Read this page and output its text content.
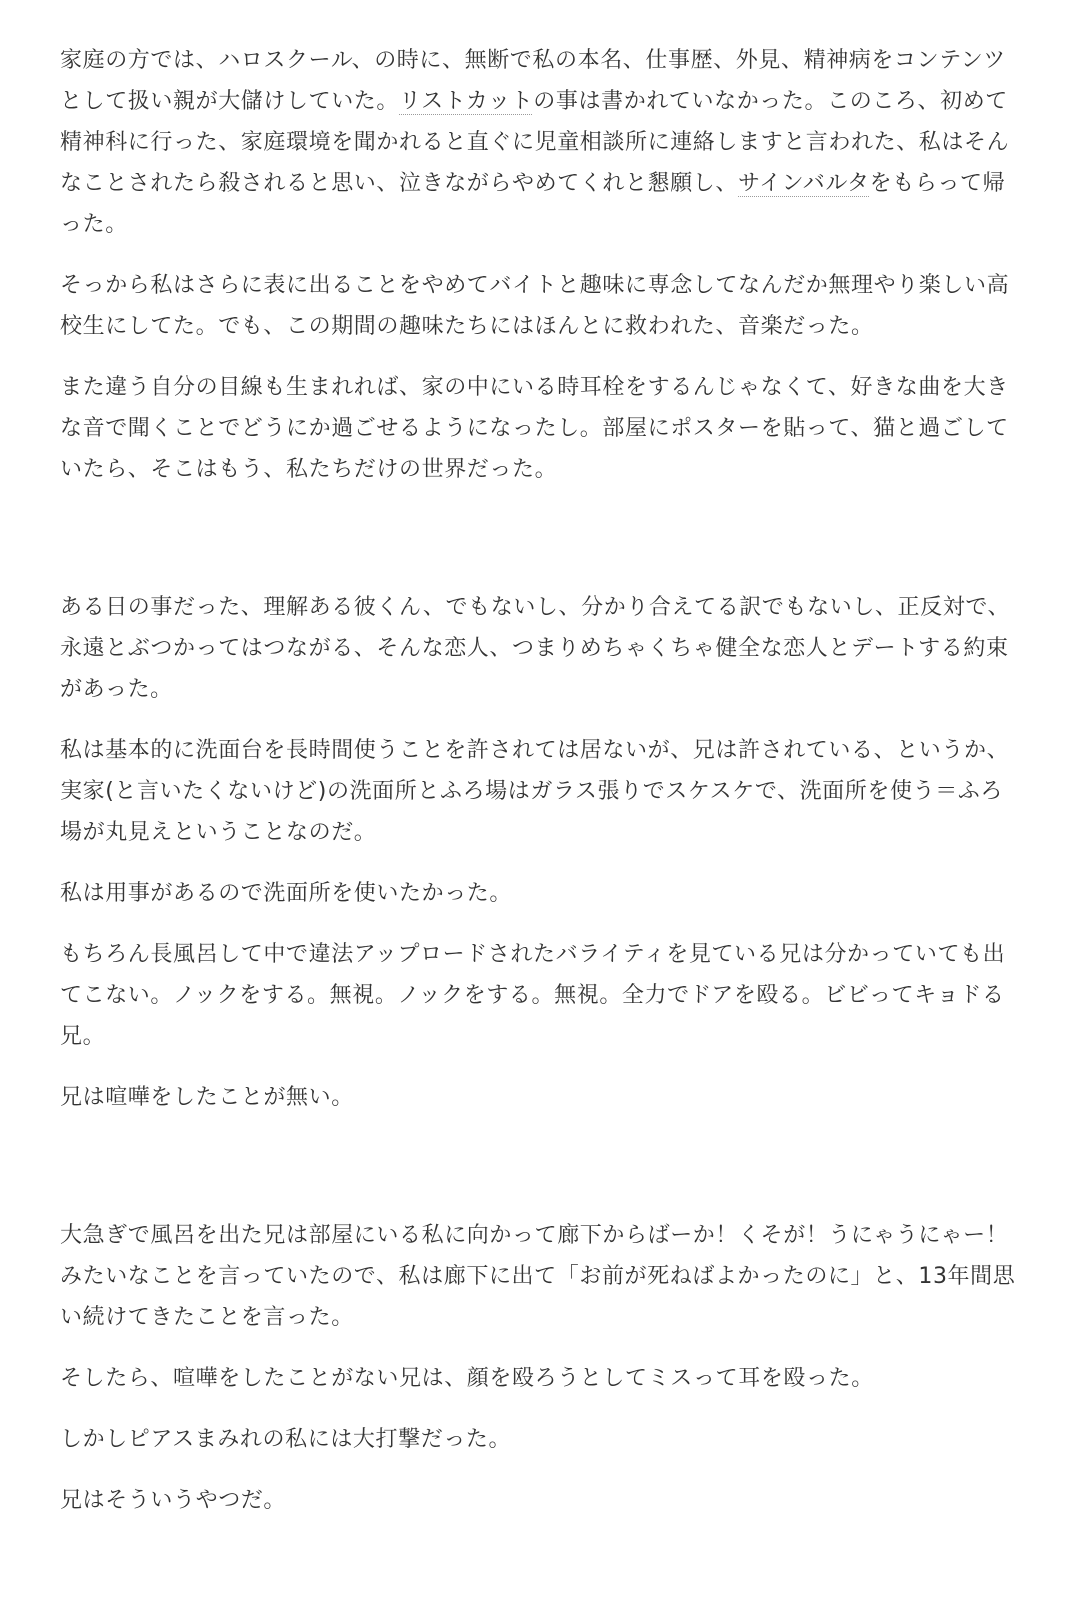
家庭の方では、ハロスクール、の時に、無断で私の本名、仕事歴、外見、精神病をコンテンツとして扱い親が大儲けしていた。リストカットの事は書かれていなかった。このころ、初めて精神科に行った、家庭環境を聞かれると直ぐに児童相談所に連絡しますと言われた、私はそんなことされたら殺されると思い、泣きながらやめてくれと懇願し、サインバルタをもらって帰った。

そっから私はさらに表に出ることをやめてバイトと趣味に専念してなんだか無理やり楽しい高校生にしてた。でも、この期間の趣味たちにはほんとに救われた、音楽だった。

また違う自分の目線も生まれれば、家の中にいる時耳栓をするんじゃなくて、好きな曲を大きな音で聞くことでどうにか過ごせるようになったし。部屋にポスターを貼って、猫と過ごしていたら、そこはもう、私たちだけの世界だった。

ある日の事だった、理解ある彼くん、でもないし、分かり合えてる訳でもないし、正反対で、永遠とぶつかってはつながる、そんな恋人、つまりめちゃくちゃ健全な恋人とデートする約束があった。

私は基本的に洗面台を長時間使うことを許されては居ないが、兄は許されている、というか、実家(と言いたくないけど)の洗面所とふろ場はガラス張りでスケスケで、洗面所を使う＝ふろ場が丸見えということなのだ。

私は用事があるので洗面所を使いたかった。

もちろん長風呂して中で違法アップロードされたバライティを見ている兄は分かっていても出てこない。ノックをする。無視。ノックをする。無視。全力でドアを殴る。ビビってキョドる兄。

兄は喧嘩をしたことが無い。

大急ぎで風呂を出た兄は部屋にいる私に向かって廊下からばーか！くそが！うにゃうにゃー！みたいなことを言っていたので、私は廊下に出て「お前が死ねばよかったのに」と、13年間思い続けてきたことを言った。

そしたら、喧嘩をしたことがない兄は、顔を殴ろうとしてミスって耳を殴った。

しかしピアスまみれの私には大打撃だった。

兄はそういうやつだ。
